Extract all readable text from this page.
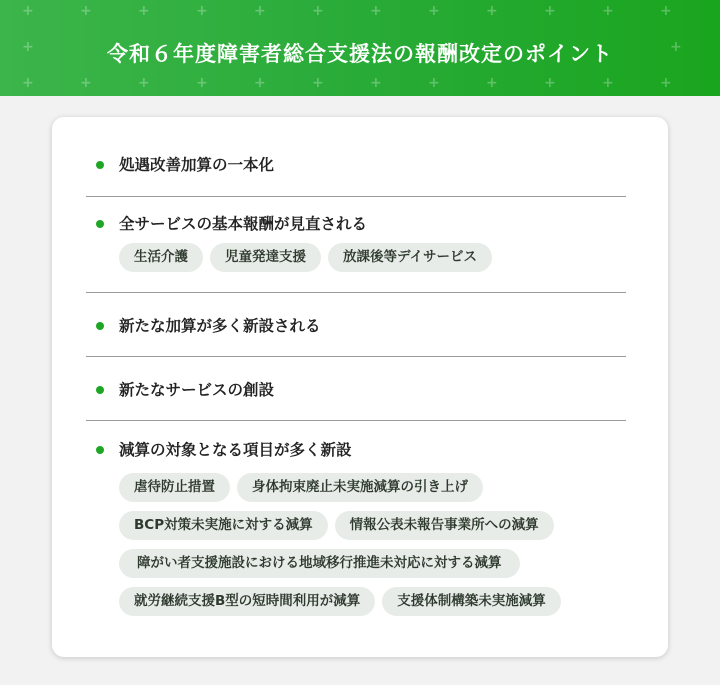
+	+	+	+	+	+	+	+	+	+	+	+
+	+
+	+	+	+	+	+	+	+	+	+	+	+
令和６年度障害者総合支援法の報酬改定のポイント
処遇改善加算の一本化
全サービスの基本報酬が見直される
生活介護	児童発達支援	放課後等デイサービス
新たな加算が多く新設される
新たなサービスの創設
減算の対象となる項目が多く新設
虐待防止措置	身体拘束廃止未実施減算の引き上げ
BCP対策未実施に対する減算	情報公表未報告事業所への減算
障がい者支援施設における地域移行推進未対応に対する減算
就労継続支援B型の短時間利用が減算	支援体制構築未実施減算
